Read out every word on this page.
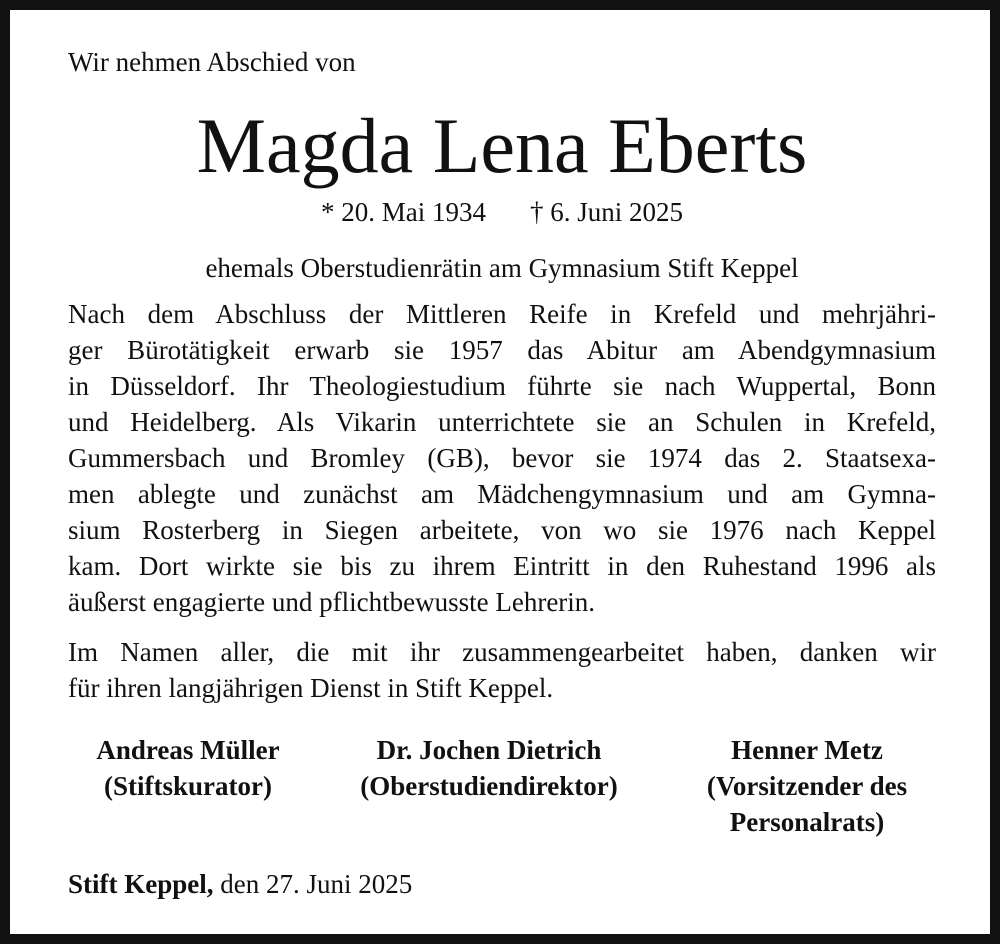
Wir nehmen Abschied von
Magda Lena Eberts
* 20. Mai 1934 † 6. Juni 2025
ehemals Oberstudienrätin am Gymnasium Stift Keppel
Nach dem Abschluss der Mittleren Reife in Krefeld und mehrjähri-
ger Bürotätigkeit erwarb sie 1957 das Abitur am Abendgymnasium
in Düsseldorf. Ihr Theologiestudium führte sie nach Wuppertal, Bonn
und Heidelberg. Als Vikarin unterrichtete sie an Schulen in Krefeld,
Gummersbach und Bromley (GB), bevor sie 1974 das 2. Staatsexa-
men ablegte und zunächst am Mädchengymnasium und am Gymna-
sium Rosterberg in Siegen arbeitete, von wo sie 1976 nach Keppel
kam. Dort wirkte sie bis zu ihrem Eintritt in den Ruhestand 1996 als
äußerst engagierte und pflichtbewusste Lehrerin.
Im Namen aller, die mit ihr zusammengearbeitet haben, danken wir
für ihren langjährigen Dienst in Stift Keppel.
Andreas Müller
(Stiftskurator)
Dr. Jochen Dietrich
(Oberstudiendirektor)
Henner Metz
(Vorsitzender des
Personalrats)
Stift Keppel, den 27. Juni 2025
